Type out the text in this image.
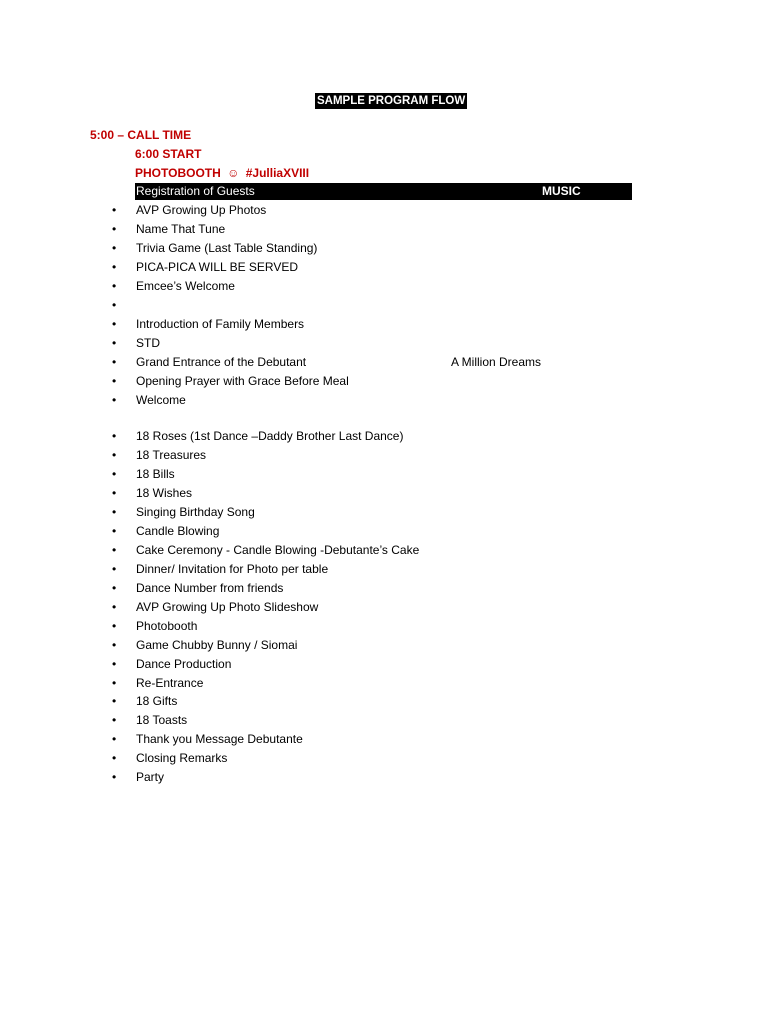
SAMPLE PROGRAM FLOW
5:00 – CALL TIME
6:00 START
PHOTOBOOTH ☺ #JulliaXVIII
Registration of Guests	MUSIC
• AVP Growing Up Photos
• Name That Tune
• Trivia Game (Last Table Standing)
• PICA-PICA WILL BE SERVED
• Emcee’s Welcome
•
• Introduction of Family Members
• STD
• Grand Entrance of the Debutant	A Million Dreams
• Opening Prayer with Grace Before Meal
• Welcome
• 18 Roses (1st Dance –Daddy Brother Last Dance)
• 18 Treasures
• 18 Bills
• 18 Wishes
• Singing Birthday Song
• Candle Blowing
• Cake Ceremony - Candle Blowing -Debutante’s Cake
• Dinner/ Invitation for Photo per table
• Dance Number from friends
• AVP Growing Up Photo Slideshow
• Photobooth
• Game Chubby Bunny / Siomai
• Dance Production
• Re-Entrance
• 18 Gifts
• 18 Toasts
• Thank you Message Debutante
• Closing Remarks
• Party
